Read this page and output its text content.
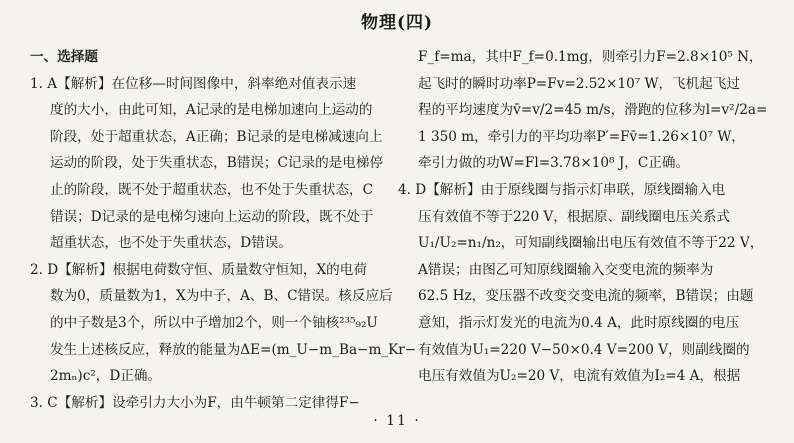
物理(四)
一、选择题
1. A【解析】在位移—时间图像中，斜率绝对值表示速
度的大小，由此可知，A记录的是电梯加速向上运动的
阶段，处于超重状态，A正确；B记录的是电梯减速向上
运动的阶段，处于失重状态，B错误；C记录的是电梯停
止的阶段，既不处于超重状态，也不处于失重状态，C
错误；D记录的是电梯匀速向上运动的阶段，既不处于
超重状态，也不处于失重状态，D错误。
2. D【解析】根据电荷数守恒、质量数守恒知，X的电荷
数为0，质量数为1，X为中子，A、B、C错误。核反应后
的中子数是3个，所以中子增加2个，则一个铀核²³⁵₉₂U
发生上述核反应，释放的能量为ΔE=(m_U−m_Ba−m_Kr−
2mₙ)c²，D正确。
3. C【解析】设牵引力大小为F，由牛顿第二定律得F−
F_f=ma，其中F_f=0.1mg，则牵引力F=2.8×10⁵ N，
起飞时的瞬时功率P=Fv=2.52×10⁷ W，飞机起飞过
程的平均速度为v̄=v/2=45 m/s，滑跑的位移为l=v²/2a=
1 350 m，牵引力的平均功率P′=Fv̄=1.26×10⁷ W，
牵引力做的功W=Fl=3.78×10⁸ J，C正确。
4. D【解析】由于原线圈与指示灯串联，原线圈输入电
压有效值不等于220 V，根据原、副线圈电压关系式
U₁/U₂=n₁/n₂，可知副线圈输出电压有效值不等于22 V，
A错误；由图乙可知原线圈输入交变电流的频率为
62.5 Hz，变压器不改变交变电流的频率，B错误；由题
意知，指示灯发光的电流为0.4 A，此时原线圈的电压
有效值为U₁=220 V−50×0.4 V=200 V，则副线圈的
电压有效值为U₂=20 V，电流有效值为I₂=4 A，根据
· 11 ·
